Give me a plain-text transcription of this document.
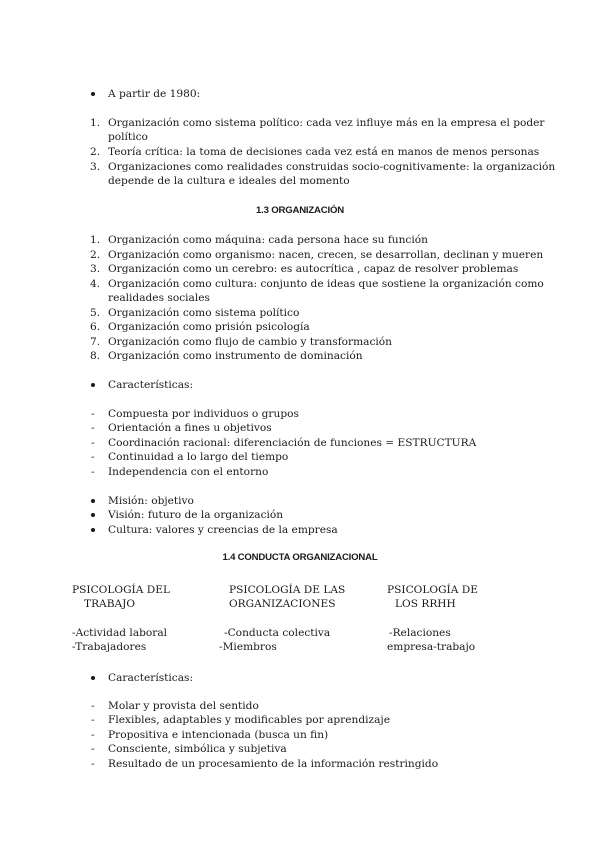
A partir de 1980:
1. Organización como sistema político: cada vez influye más en la empresa el poder
político
2. Teoría crítica: la toma de decisiones cada vez está en manos de menos personas
3. Organizaciones como realidades construidas socio-cognitivamente: la organización
depende de la cultura e ideales del momento
1.3 ORGANIZACIÓN
1. Organización como máquina: cada persona hace su función
2. Organización como organismo: nacen, crecen, se desarrollan, declinan y mueren
3. Organización como un cerebro: es autocrítica , capaz de resolver problemas
4. Organización como cultura: conjunto de ideas que sostiene la organización como
realidades sociales
5. Organización como sistema político
6. Organización como prisión psicología
7. Organización como flujo de cambio y transformación
8. Organización como instrumento de dominación
Características:
- Compuesta por individuos o grupos
- Orientación a fines u objetivos
- Coordinación racional: diferenciación de funciones = ESTRUCTURA
- Continuidad a lo largo del tiempo
- Independencia con el entorno
Misión: objetivo
Visión: futuro de la organización
Cultura: valores y creencias de la empresa
1.4 CONDUCTA ORGANIZACIONAL
PSICOLOGÍA DEL
TRABAJO
PSICOLOGÍA DE LAS
ORGANIZACIONES
PSICOLOGÍA DE
LOS RRHH
-Actividad laboral
-Trabajadores
-Conducta colectiva
-Miembros
-Relaciones
empresa-trabajo
Características:
- Molar y provista del sentido
- Flexibles, adaptables y modificables por aprendizaje
- Propositiva e intencionada (busca un fin)
- Consciente, simbólica y subjetiva
- Resultado de un procesamiento de la información restringido
